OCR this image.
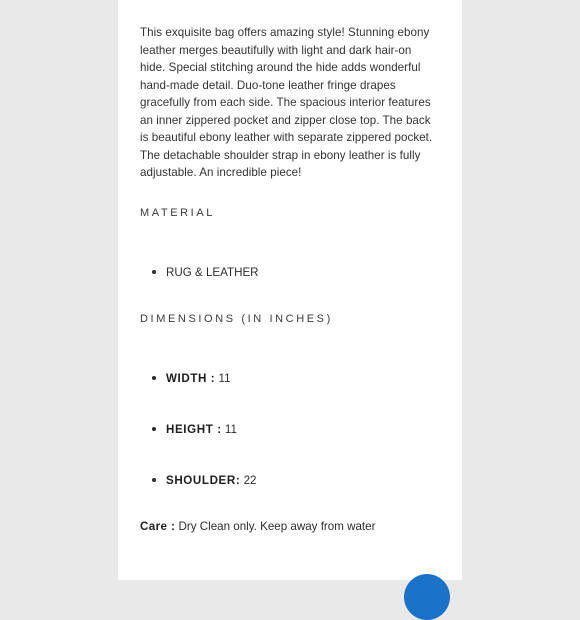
This exquisite bag offers amazing style! Stunning ebony leather merges beautifully with light and dark hair-on hide. Special stitching around the hide adds wonderful hand-made detail. Duo-tone leather fringe drapes gracefully from each side. The spacious interior features an inner zippered pocket and zipper close top. The back is beautiful ebony leather with separate zippered pocket. The detachable shoulder strap in ebony leather is fully adjustable. An incredible piece!

MATERIAL
RUG & LEATHER
DIMENSIONS (IN INCHES)
WIDTH : 11
HEIGHT : 11
SHOULDER: 22
Care : Dry Clean only. Keep away from water
